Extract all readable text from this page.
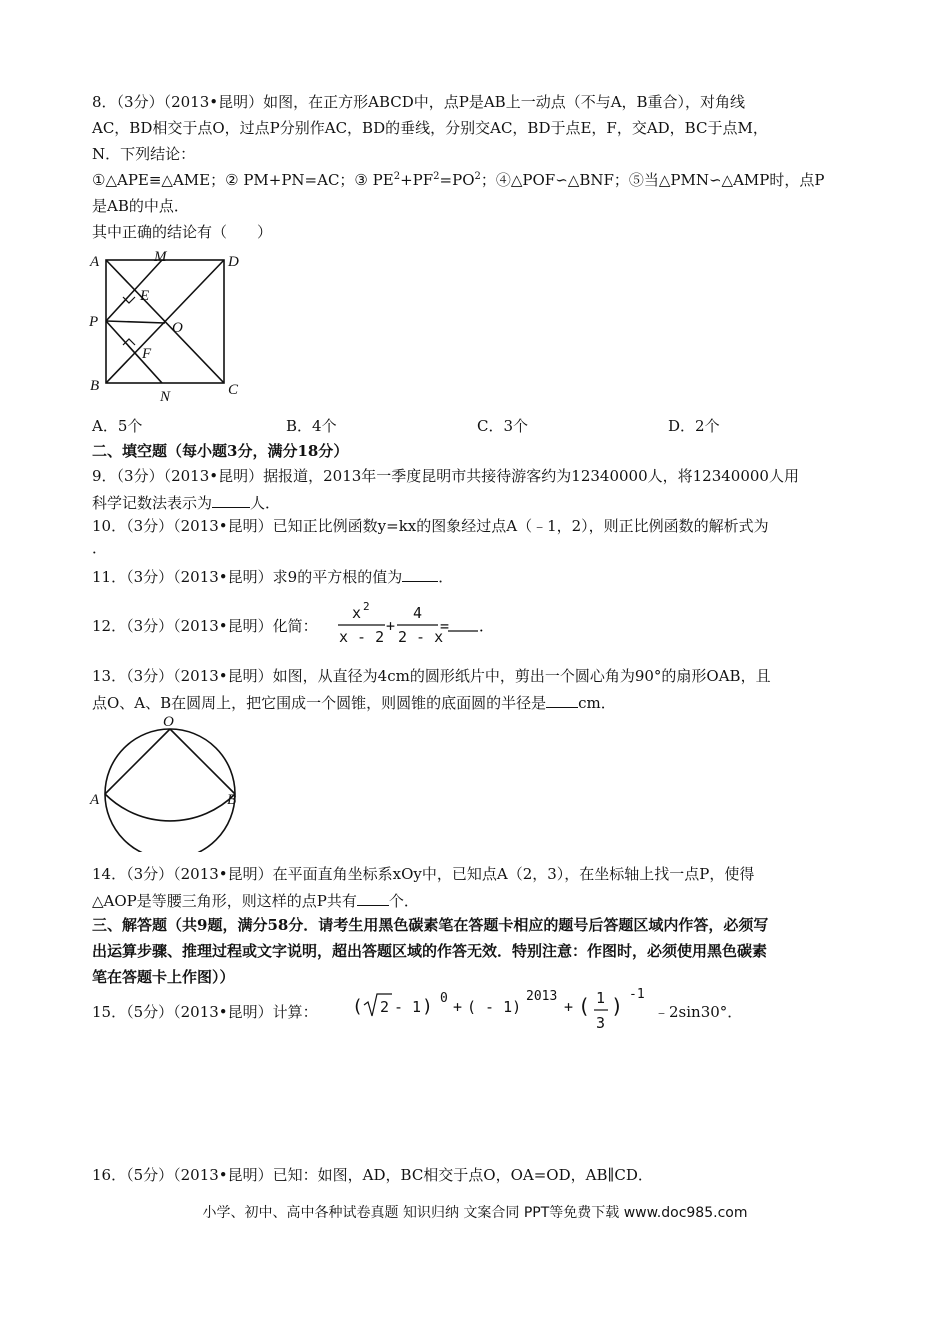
8．（3分）（2013•昆明）如图，在正方形ABCD中，点P是AB上一动点（不与A，B重合），对角线
AC，BD相交于点O，过点P分别作AC，BD的垂线，分别交AC，BD于点E，F，交AD，BC于点M，
N．下列结论：
①△APE≡△AME；② PM+PN=AC；③ $PE^2+PF^2=PO^2$；④△POF∽△BNF；⑤当△PMN∽△AMP时，点P
是AB的中点．
其中正确的结论有（　　）
A	M	D
E
P	O
F
B
N	C
A．5个	B．4个	C．3个	D．2个
二、填空题（每小题3分，满分18分）
9．（3分）（2013•昆明）据报道，2013年一季度昆明市共接待游客约为12340000人，将12340000人用
科学记数法表示为	人．
10．（3分）（2013•昆明）已知正比例函数y=kx的图象经过点A（﹣1，2），则正比例函数的解析式为
．
11．（3分）（2013•昆明）求9的平方根的值为 ．
12．（3分）（2013•昆明）化简：
x 2
x - 2
+
4
2 - x
= ．
13．（3分）（2013•昆明）如图，从直径为4cm的圆形纸片中，剪出一个圆心角为90°的扇形OAB，且
点O、A、B在圆周上，把它围成一个圆锥，则圆锥的底面圆的半径是 cm．
O
A	B
14．（3分）（2013•昆明）在平面直角坐标系xOy中，已知点A（2，3），在坐标轴上找一点P，使得
△AOP是等腰三角形，则这样的点P共有 个．
三、解答题（共9题，满分58分．请考生用黑色碳素笔在答题卡相应的题号后答题区域内作答，必须写
出运算步骤、推理过程或文字说明，超出答题区域的作答无效．特别注意：作图时，必须使用黑色碳素
笔在答题卡上作图））
15．（5分）（2013•昆明）计算： ( 2 - 1 ) 0 + ( - 1)
2013
+ ( 1
3
) -1
﹣2sin30°．
16．（5分）（2013•昆明）已知：如图，AD，BC相交于点O，OA=OD，AB∥CD．
小学、初中、高中各种试卷真题 知识归纳 文案合同 PPT等免费下载 www.doc985.com
